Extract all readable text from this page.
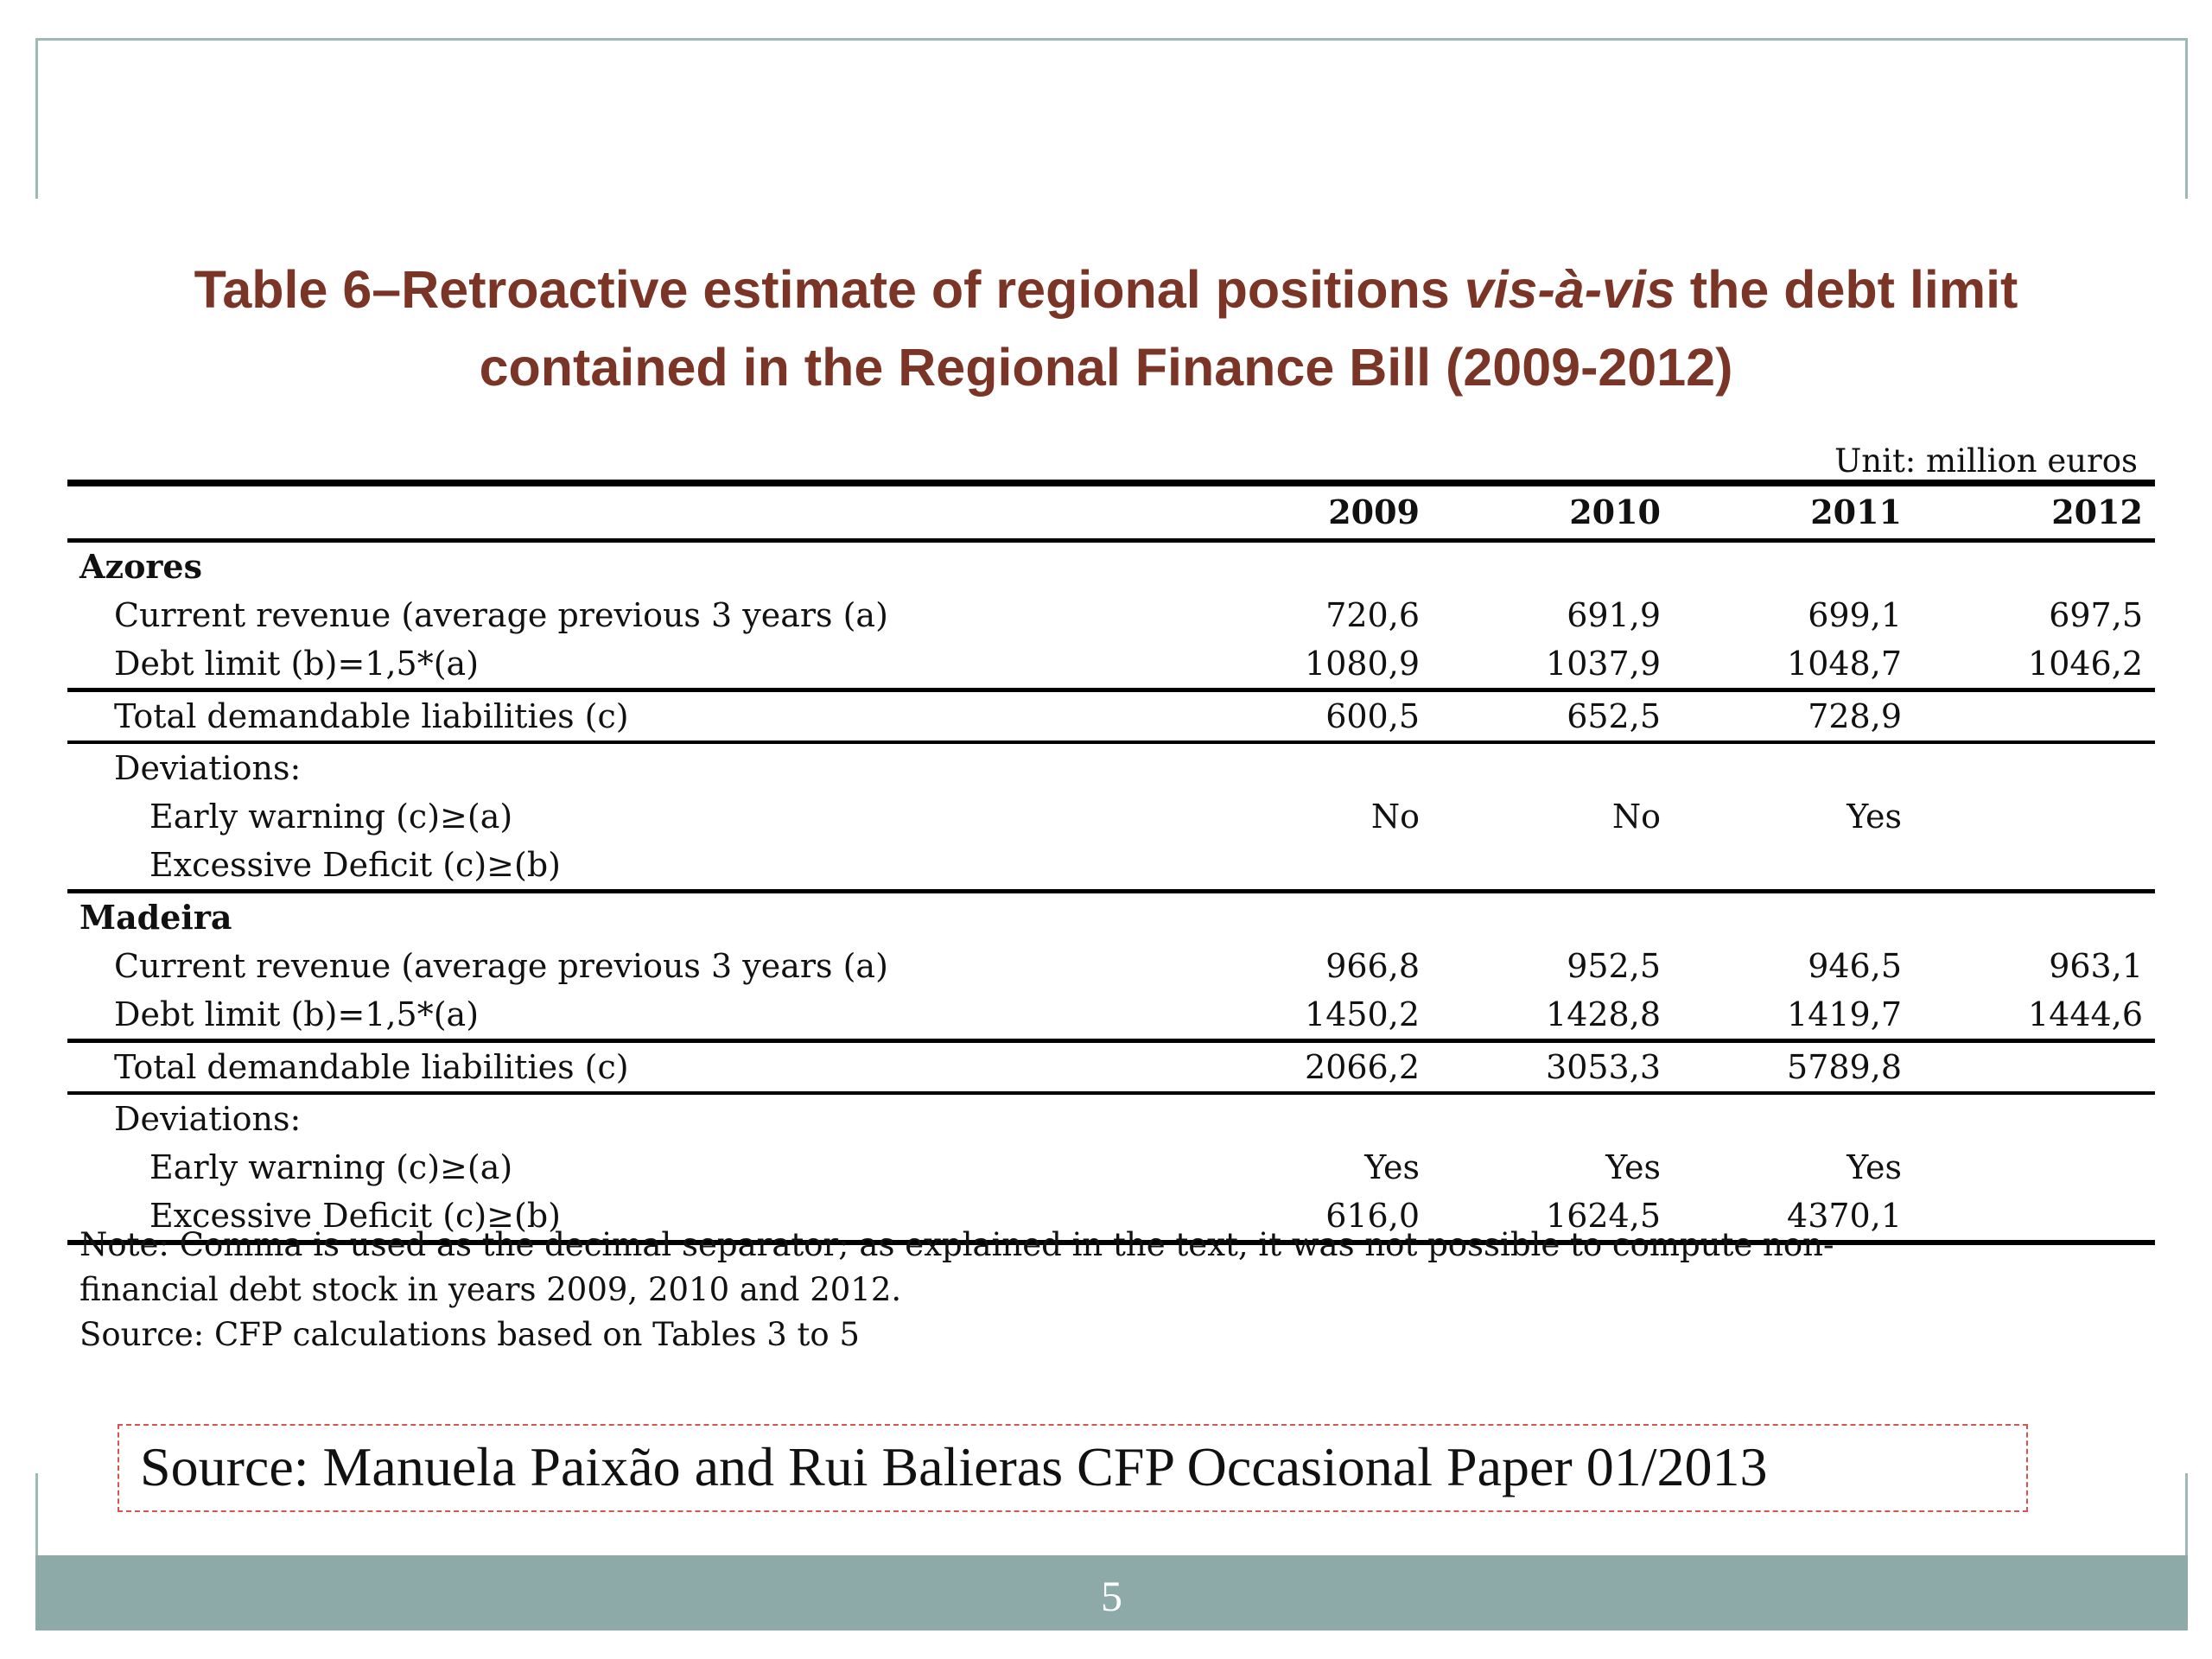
Table 6–Retroactive estimate of regional positions vis-à-vis the debt limit
contained in the Regional Finance Bill (2009-2012)
Unit: million euros
	2009	2010	2011	2012
Azores				
Current revenue (average previous 3 years (a)	720,6	691,9	699,1	697,5
Debt limit (b)=1,5*(a)	1080,9	1037,9	1048,7	1046,2
Total demandable liabilities (c)	600,5	652,5	728,9	
Deviations:				
Early warning (c)≥(a)	No	No	Yes	
Excessive Deficit (c)≥(b)				
Madeira				
Current revenue (average previous 3 years (a)	966,8	952,5	946,5	963,1
Debt limit (b)=1,5*(a)	1450,2	1428,8	1419,7	1444,6
Total demandable liabilities (c)	2066,2	3053,3	5789,8	
Deviations:				
Early warning (c)≥(a)	Yes	Yes	Yes	
Excessive Deficit (c)≥(b)	616,0	1624,5	4370,1	
Note: Comma is used as the decimal separator; as explained in the text, it was not possible to compute non-
financial debt stock in years 2009, 2010 and 2012.
Source: CFP calculations based on Tables 3 to 5
Source: Manuela Paixão and Rui Balieras CFP Occasional Paper 01/2013
5
